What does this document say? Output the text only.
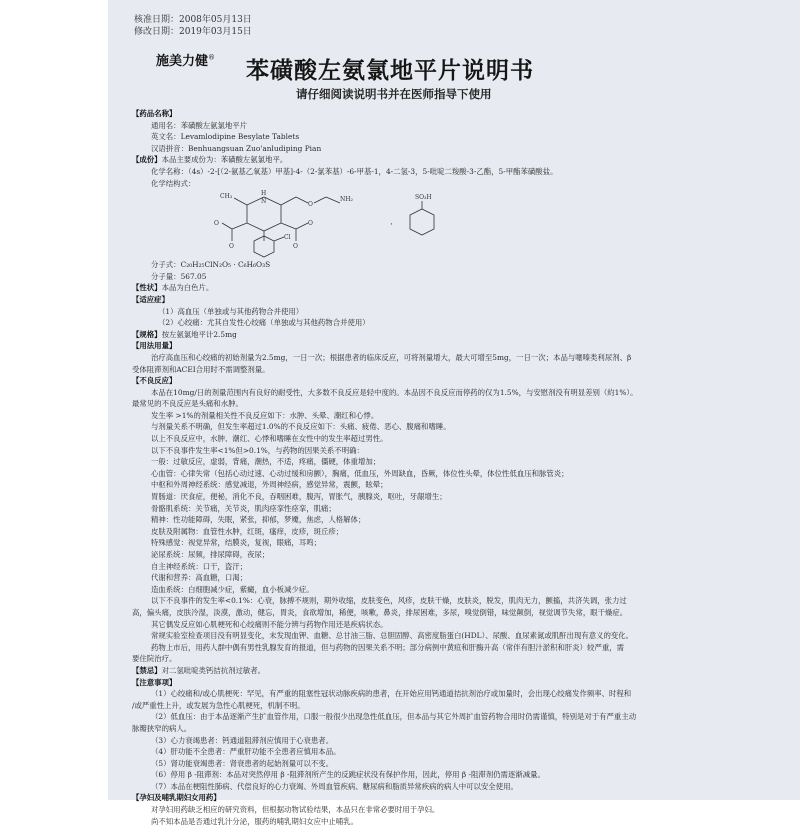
核准日期：2008年05月13日
修改日期：2019年03月15日
施美力健® 苯磺酸左氨氯地平片说明书
请仔细阅读说明书并在医师指导下使用
【药品名称】
通用名：苯磺酸左氨氯地平片
英文名：Levamlodipine Besylate Tablets
汉语拼音：Benhuangsuan Zuo'anludiping Pian
【成份】本品主要成份为：苯磺酸左氨氯地平。
化学名称：（4s）-2-[（2-氨基乙氧基）甲基]-4-（2-氯苯基）-6-甲基-1，4-二氢-3，5-吡啶二羧酸-3-乙酯，5-甲酯苯磺酸盐。
化学结构式：
H
N	NH₂
O
CH₃
O
O
O
O
Cl
·
SO₃H
分子式：C₂₀H₂₅ClN₂O₅ · C₆H₆O₃S
分子量：567.05
【性状】本品为白色片。
【适应症】
（1）高血压（单独或与其他药物合并使用）
（2）心绞痛：尤其自发性心绞痛（单独或与其他药物合并使用）
【规格】按左氨氯地平计2.5mg
【用法用量】
治疗高血压和心绞痛的初始剂量为2.5mg，一日一次；根据患者的临床反应，可将剂量增大，最大可增至5mg，一日一次；本品与噻嗪类利尿剂、β
受体阻滞剂和ACEI合用时不需调整剂量。
【不良反应】
本品在10mg/日的剂量范围内有良好的耐受性，大多数不良反应是轻中度的。本品因不良反应而停药的仅为1.5%，与安慰剂没有明显差别（約1%）。
最常见的不良反应是头痛和水肿。
发生率 >1%的剂量相关性不良反应如下：水肿、头晕、潮红和心悸。
与剂量关系不明确，但发生率超过1.0%的不良反应如下：头痛、疲倦、恶心、腹痛和嗜睡。
以上不良反应中，水肿、潮红、心悸和嗜睡在女性中的发生率超过男性。
以下不良事件发生率<1%但>0.1%，与药物的因果关系不明确：
一般：过敏反应，虚弱，背痛，潮热，不适，疼痛，僵硬，体重增加；
心血管：心律失常（包括心动过速、心动过缓和房颤），胸痛，低血压，外周缺血，昏厥，体位性头晕，体位性低血压和脉管炎；
中枢和外周神经系统：感觉减退，外周神经病，感觉异常，震颤，眩晕；
胃肠道：厌食症，便秘，消化不良，吞咽困难，腹泻，胃胀气，胰腺炎，呕吐，牙龈增生；
骨骼肌系统：关节痛，关节炎，肌肉痉挛性痉挛，肌痛；
精神：性功能障碍，失眠，紧张，抑郁，梦魇，焦虑，人格解体；
皮肤及附属物：血管性水肿，红斑，瘙痒，皮疹，斑丘疹；
特殊感觉：视觉异常，结膜炎，复视，眼痛，耳鸣；
泌尿系统：尿频，排尿障碍，夜尿；
自主神经系统：口干，盗汗；
代谢和营养：高血糖，口渴；
造血系统：白细胞减少症，紫癜，血小板减少症。
以下不良事件的发生率<0.1%：心衰，脉搏不规则，期外收缩，皮肤变色，风疹，皮肤干燥，皮肤炎，脱发，肌肉无力，颤搐，共济失调，张力过
高，偏头痛，皮肤冷湿，淡漠，激动，健忘，胃炎，食欲增加，稀便，咳嗽，鼻炎，排尿困难，多尿，嗅觉倒错，味觉颠倒，视觉调节失常，眼干燥症。
其它偶发反应如心肌梗死和心绞痛则不能分辨与药物作用还是疾病状态。
常规实验室检查项目没有明显变化，未发现血钾、血糖、总甘油三脂、总胆固醇、高密度脂蛋白(HDL）、尿酸、血尿素氮或肌酐出现有意义的变化。
药物上市后，用药人群中偶有男性乳腺发育的报道，但与药物的因果关系不明；部分病例中黄疸和肝酶升高（常伴有胆汁淤积和肝炎）较严重，需
要住院治疗。
【禁忌】对二氢吡啶类钙拮抗剂过敏者。
【注意事项】
（1）心绞痛和/或心肌梗死：罕见，有严重的阻塞性冠状动脉疾病的患者，在开始应用钙通道拮抗剂治疗或加量时，会出现心绞痛发作频率、时程和
/或严重性上升，或发展为急性心肌梗死，机制不明。
（2）低血压：由于本品逐渐产生扩血管作用，口服一般很少出现急性低血压，但本品与其它外周扩血管药物合用时仍需谨慎，特别是对于有严重主动
脉瓣狭窄的病人。
（3）心力衰竭患者：钙通道阻滞剂应慎用于心衰患者。
（4）肝功能不全患者：严重肝功能不全患者应慎用本品。
（5）肾功能衰竭患者：肾衰患者的起始剂量可以不变。
（6）停用 β -阻滞剂：本品对突然停用 β -阻滞剂所产生的反跳症状没有保护作用，因此，停用 β -阻滞剂仍需逐渐减量。
（7）本品在梗阻性肺病、代偿良好的心力衰竭、外周血管疾病、糖尿病和脂质异常疾病的病人中可以安全使用。
【孕妇及哺乳期妇女用药】
对孕妇用药缺乏相应的研究资料，但根据动物试验结果，本品只在非常必要时用于孕妇。
尚不知本品是否通过乳汁分泌，服药的哺乳期妇女应中止哺乳。
